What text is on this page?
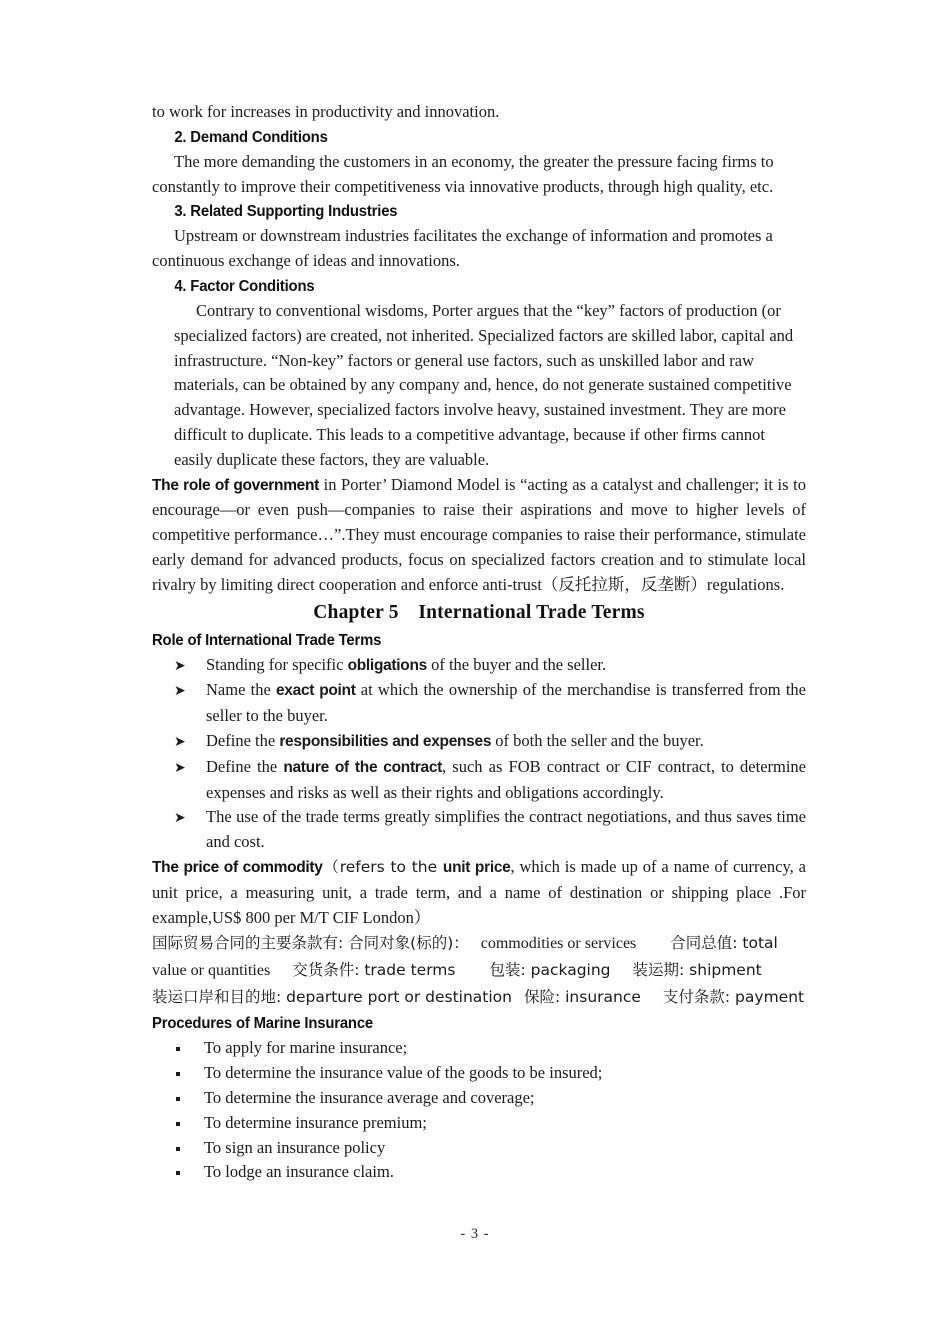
to work for increases in productivity and innovation.

2. Demand Conditions

The more demanding the customers in an economy, the greater the pressure facing firms to constantly to improve their competitiveness via innovative products, through high quality, etc.

3. Related Supporting Industries

Upstream or downstream industries facilitates the exchange of information and promotes a continuous exchange of ideas and innovations.

4. Factor Conditions

Contrary to conventional wisdoms, Porter argues that the “key” factors of production (or specialized factors) are created, not inherited. Specialized factors are skilled labor, capital and infrastructure. “Non-key” factors or general use factors, such as unskilled labor and raw materials, can be obtained by any company and, hence, do not generate sustained competitive advantage. However, specialized factors involve heavy, sustained investment. They are more difficult to duplicate. This leads to a competitive advantage, because if other firms cannot easily duplicate these factors, they are valuable.

The role of government in Porter’ Diamond Model is “acting as a catalyst and challenger; it is to encourage—or even push—companies to raise their aspirations and move to higher levels of competitive performance…”.They must encourage companies to raise their performance, stimulate early demand for advanced products, focus on specialized factors creation and to stimulate local rivalry by limiting direct cooperation and enforce anti-trust（反托拉斯，反垄断）regulations.

Chapter 5 International Trade Terms
Role of International Trade Terms
➤ Standing for specific obligations of the buyer and the seller.
➤ Name the exact point at which the ownership of the merchandise is transferred from the seller to the buyer.
➤ Define the responsibilities and expenses of both the seller and the buyer.
➤ Define the nature of the contract, such as FOB contract or CIF contract, to determine expenses and risks as well as their rights and obligations accordingly.
➤ The use of the trade terms greatly simplifies the contract negotiations, and thus saves time and cost.

The price of commodity（refers to the unit price, which is made up of a name of currency, a unit price, a measuring unit, a trade term, and a name of destination or shipping place .For example,US$ 800 per M/T CIF London）

国际贸易合同的主要条款有: 合同对象(标的)： commodities or services 合同总值: total

value or quantities 交货条件: trade terms 包装: packaging 装运期: shipment

装运口岸和目的地: departure port or destination 保险: insurance 支付条款: payment

Procedures of Marine Insurance
To apply for marine insurance;
To determine the insurance value of the goods to be insured;
To determine the insurance average and coverage;
To determine insurance premium;
To sign an insurance policy
To lodge an insurance claim.
- 3 -
